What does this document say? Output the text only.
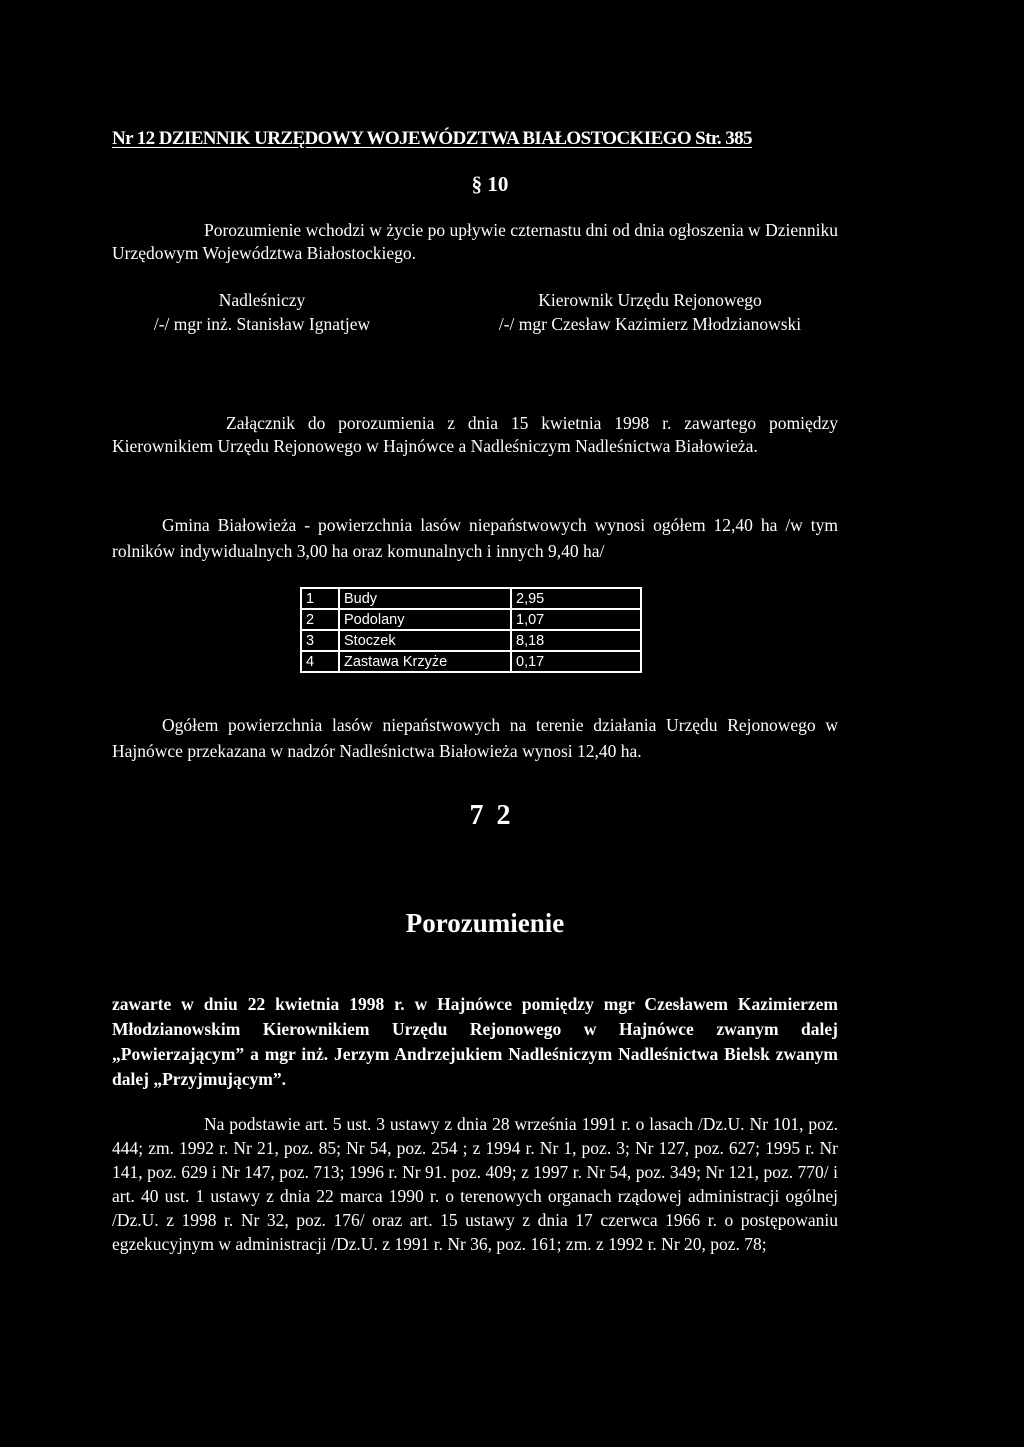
Nr 12 DZIENNIK URZĘDOWY WOJEWÓDZTWA BIAŁOSTOCKIEGO Str. 385
§ 10
Porozumienie wchodzi w życie po upływie czternastu dni od dnia ogłoszenia w Dzienniku Urzędowym Województwa Białostockiego.
Nadleśniczy
/-/ mgr inż. Stanisław Ignatjew
Kierownik Urzędu Rejonowego
/-/ mgr Czesław Kazimierz Młodzianowski
Załącznik do porozumienia z dnia 15 kwietnia 1998 r. zawartego pomiędzy Kierownikiem Urzędu Rejonowego w Hajnówce a Nadleśniczym Nadleśnictwa Białowieża.
Gmina Białowieża - powierzchnia lasów niepaństwowych wynosi ogółem 12,40 ha /w tym rolników indywidualnych 3,00 ha oraz komunalnych i innych 9,40 ha/
1	Budy	2,95
2	Podolany	1,07
3	Stoczek	8,18
4	Zastawa Krzyże	0,17
Ogółem powierzchnia lasów niepaństwowych na terenie działania Urzędu Rejonowego w Hajnówce przekazana w nadzór Nadleśnictwa Białowieża wynosi 12,40 ha.
7 2
Porozumienie
zawarte w dniu 22 kwietnia 1998 r. w Hajnówce pomiędzy mgr Czesławem Kazimierzem Młodzianowskim Kierownikiem Urzędu Rejonowego w Hajnówce zwanym dalej „Powierzającym” a mgr inż. Jerzym Andrzejukiem Nadleśniczym Nadleśnictwa Bielsk zwanym dalej „Przyjmującym”.
Na podstawie art. 5 ust. 3 ustawy z dnia 28 września 1991 r. o lasach /Dz.U. Nr 101, poz. 444; zm. 1992 r. Nr 21, poz. 85; Nr 54, poz. 254 ; z 1994 r. Nr 1, poz. 3; Nr 127, poz. 627; 1995 r. Nr 141, poz. 629 i Nr 147, poz. 713; 1996 r. Nr 91. poz. 409; z 1997 r. Nr 54, poz. 349; Nr 121, poz. 770/ i art. 40 ust. 1 ustawy z dnia 22 marca 1990 r. o terenowych organach rządowej administracji ogólnej /Dz.U. z 1998 r. Nr 32, poz. 176/ oraz art. 15 ustawy z dnia 17 czerwca 1966 r. o postępowaniu egzekucyjnym w administracji /Dz.U. z 1991 r. Nr 36, poz. 161; zm. z 1992 r. Nr 20, poz. 78;
